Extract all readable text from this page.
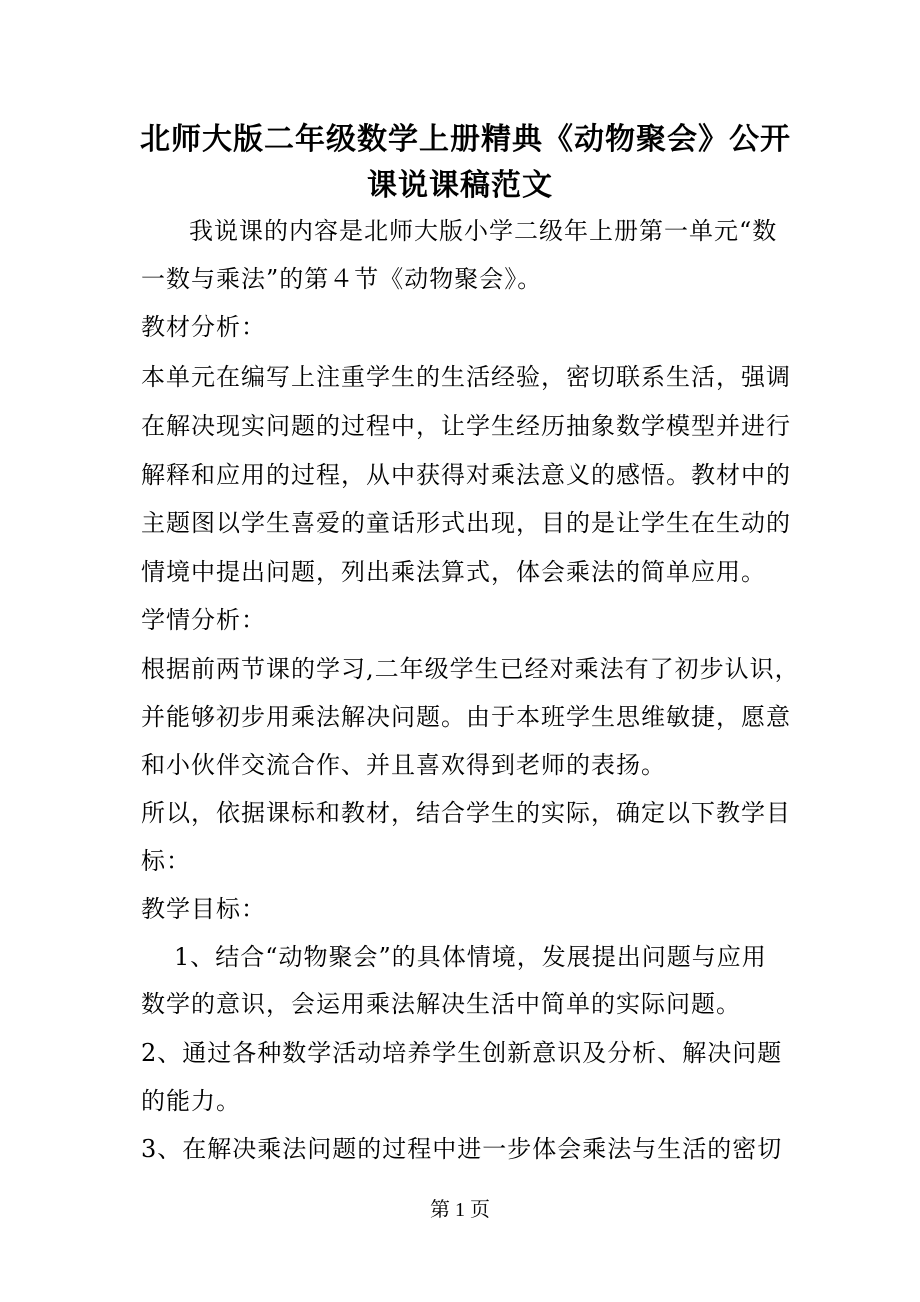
北师大版二年级数学上册精典《动物聚会》公开
课说课稿范文
我说课的内容是北师大版小学二级年上册第一单元“数
一数与乘法”的第４节《动物聚会》。
教材分析：
本单元在编写上注重学生的生活经验，密切联系生活，强调
在解决现实问题的过程中，让学生经历抽象数学模型并进行
解释和应用的过程，从中获得对乘法意义的感悟。教材中的
主题图以学生喜爱的童话形式出现，目的是让学生在生动的
情境中提出问题，列出乘法算式，体会乘法的简单应用。
学情分析：
根据前两节课的学习,二年级学生已经对乘法有了初步认识，
并能够初步用乘法解决问题。由于本班学生思维敏捷，愿意
和小伙伴交流合作、并且喜欢得到老师的表扬。
所以，依据课标和教材，结合学生的实际，确定以下教学目
标：
教学目标：
1、结合“动物聚会”的具体情境，发展提出问题与应用
数学的意识，会运用乘法解决生活中简单的实际问题。
2、通过各种数学活动培养学生创新意识及分析、解决问题
的能力。
3、在解决乘法问题的过程中进一步体会乘法与生活的密切
第 1 页
